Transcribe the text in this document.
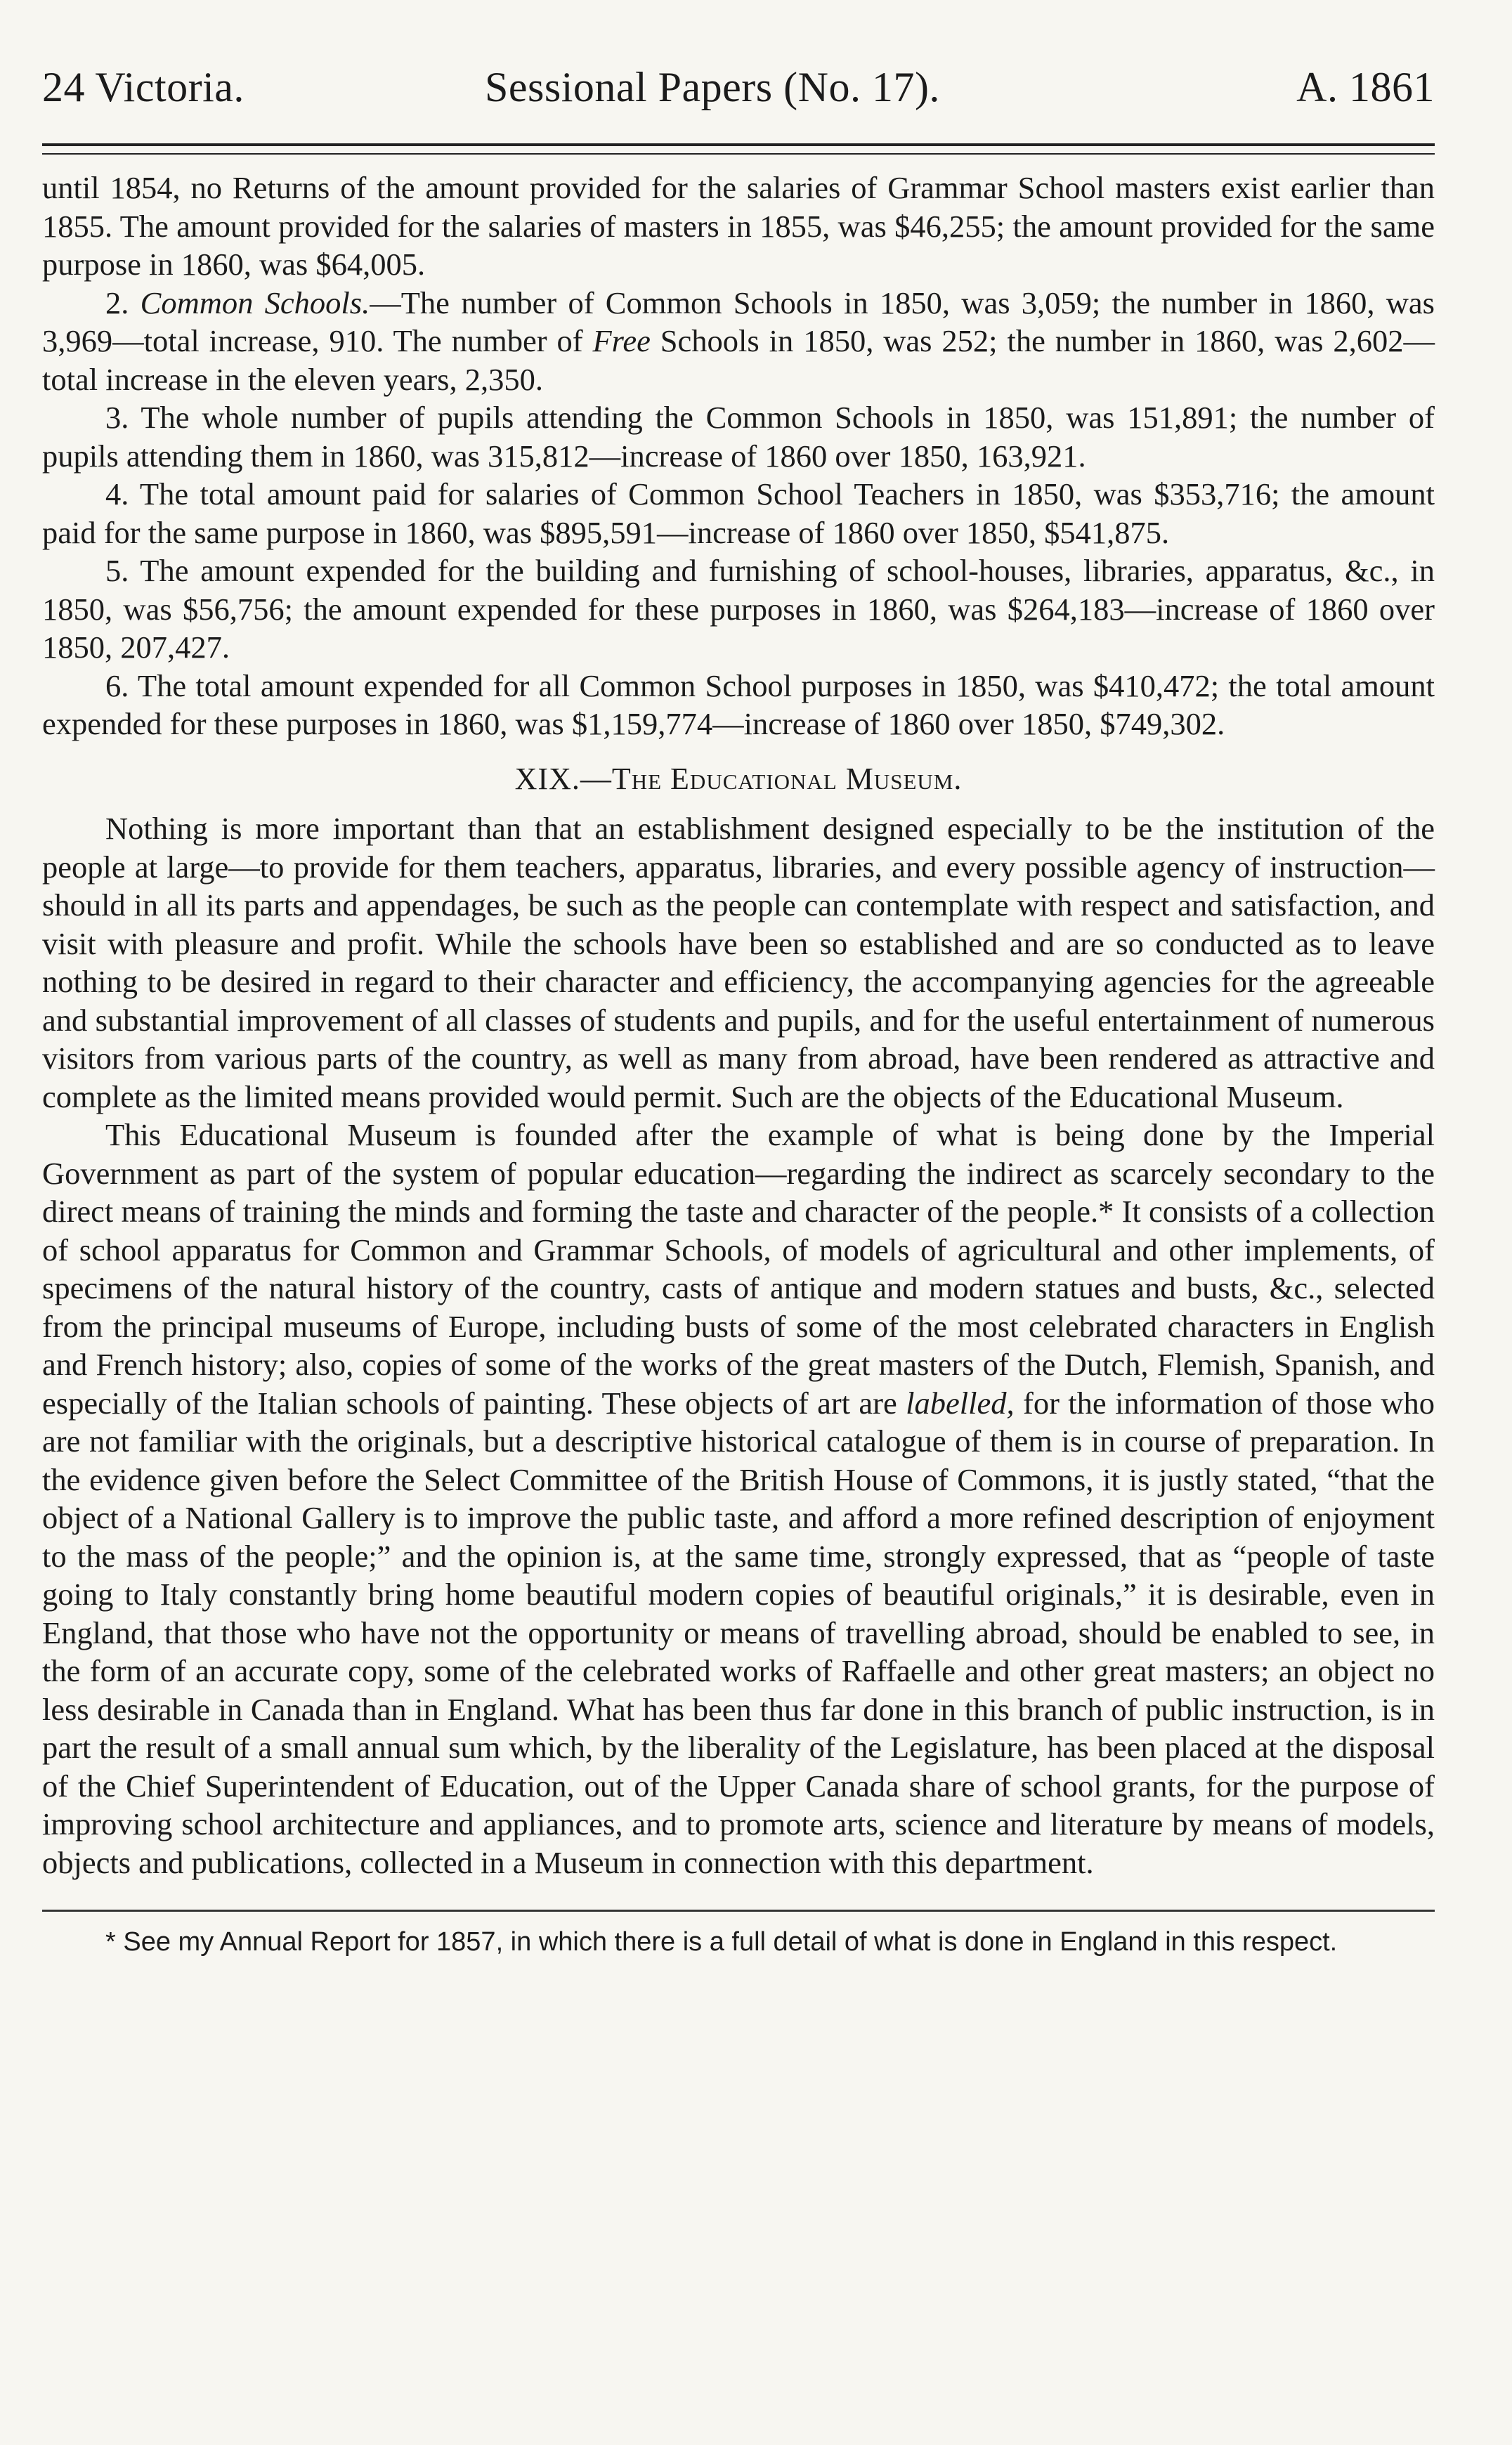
24 Victoria.	Sessional Papers (No. 17).	A. 1861

until 1854, no Returns of the amount provided for the salaries of Grammar School masters exist earlier than 1855. The amount provided for the salaries of masters in 1855, was $46,255; the amount provided for the same purpose in 1860, was $64,005.

2. Common Schools.—The number of Common Schools in 1850, was 3,059; the number in 1860, was 3,969—total increase, 910. The number of Free Schools in 1850, was 252; the number in 1860, was 2,602—total increase in the eleven years, 2,350.

3. The whole number of pupils attending the Common Schools in 1850, was 151,891; the number of pupils attending them in 1860, was 315,812—increase of 1860 over 1850, 163,921.

4. The total amount paid for salaries of Common School Teachers in 1850, was $353,716; the amount paid for the same purpose in 1860, was $895,591—increase of 1860 over 1850, $541,875.

5. The amount expended for the building and furnishing of school-houses, libraries, apparatus, &c., in 1850, was $56,756; the amount expended for these purposes in 1860, was $264,183—increase of 1860 over 1850, 207,427.

6. The total amount expended for all Common School purposes in 1850, was $410,472; the total amount expended for these purposes in 1860, was $1,159,774—increase of 1860 over 1850, $749,302.

XIX.—The Educational Museum.

Nothing is more important than that an establishment designed especially to be the institution of the people at large—to provide for them teachers, apparatus, libraries, and every possible agency of instruction—should in all its parts and appendages, be such as the people can contemplate with respect and satisfaction, and visit with pleasure and profit. While the schools have been so established and are so conducted as to leave nothing to be desired in regard to their character and efficiency, the accompanying agencies for the agreeable and substantial improvement of all classes of students and pupils, and for the useful entertainment of numerous visitors from various parts of the country, as well as many from abroad, have been rendered as attractive and complete as the limited means provided would permit. Such are the objects of the Educational Museum.

This Educational Museum is founded after the example of what is being done by the Imperial Government as part of the system of popular education—regarding the indirect as scarcely secondary to the direct means of training the minds and forming the taste and character of the people.* It consists of a collection of school apparatus for Common and Grammar Schools, of models of agricultural and other implements, of specimens of the natural history of the country, casts of antique and modern statues and busts, &c., selected from the principal museums of Europe, including busts of some of the most celebrated characters in English and French history; also, copies of some of the works of the great masters of the Dutch, Flemish, Spanish, and especially of the Italian schools of painting. These objects of art are labelled, for the information of those who are not familiar with the originals, but a descriptive historical catalogue of them is in course of preparation. In the evidence given before the Select Committee of the British House of Commons, it is justly stated, “that the object of a National Gallery is to improve the public taste, and afford a more refined description of enjoyment to the mass of the people;” and the opinion is, at the same time, strongly expressed, that as “people of taste going to Italy constantly bring home beautiful modern copies of beautiful originals,” it is desirable, even in England, that those who have not the opportunity or means of travelling abroad, should be enabled to see, in the form of an accurate copy, some of the celebrated works of Raffaelle and other great masters; an object no less desirable in Canada than in England. What has been thus far done in this branch of public instruction, is in part the result of a small annual sum which, by the liberality of the Legislature, has been placed at the disposal of the Chief Superintendent of Education, out of the Upper Canada share of school grants, for the purpose of improving school architecture and appliances, and to promote arts, science and literature by means of models, objects and publications, collected in a Museum in connection with this department.

* See my Annual Report for 1857, in which there is a full detail of what is done in England in this respect.
